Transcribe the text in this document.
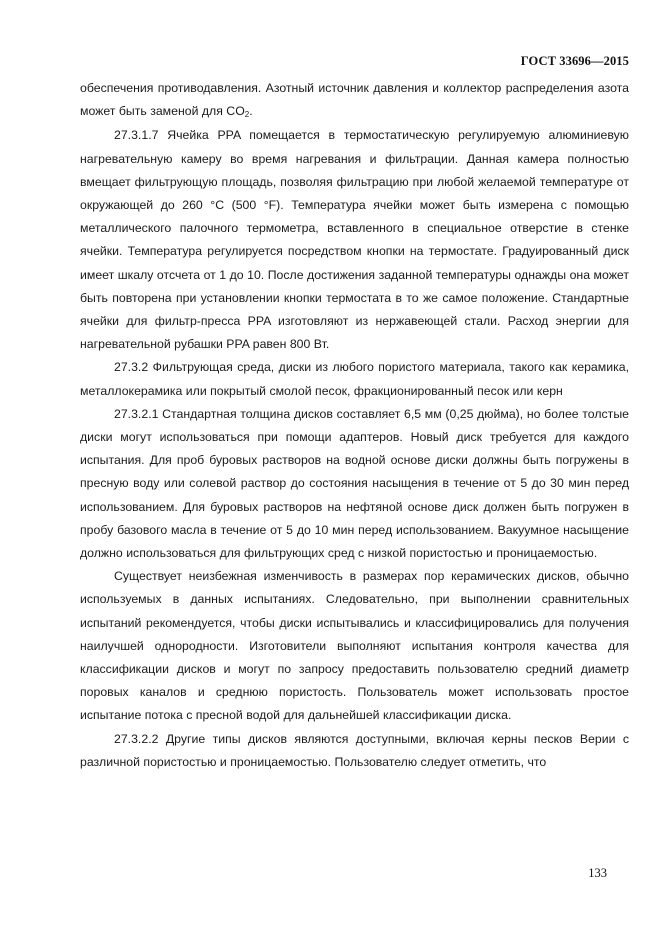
ГОСТ 33696—2015

обеспечения противодавления. Азотный источник давления и коллектор распределения азота может быть заменой для $CO_2$.

27.3.1.7 Ячейка PPA помещается в термостатическую регулируемую алюминиевую нагревательную камеру во время нагревания и фильтрации. Данная камера полностью вмещает фильтрующую площадь, позволяя фильтрацию при любой желаемой температуре от окружающей до 260 °С (500 °F). Температура ячейки может быть измерена с помощью металлического палочного термометра, вставленного в специальное отверстие в стенке ячейки. Температура регулируется посредством кнопки на термостате. Градуированный диск имеет шкалу отсчета от 1 до 10. После достижения заданной температуры однажды она может быть повторена при установлении кнопки термостата в то же самое положение. Стандартные ячейки для фильтр-пресса PPA изготовляют из нержавеющей стали. Расход энергии для нагревательной рубашки PPA равен 800 Вт.

27.3.2 Фильтрующая среда, диски из любого пористого материала, такого как керамика, металлокерамика или покрытый смолой песок, фракционированный песок или керн

27.3.2.1 Стандартная толщина дисков составляет 6,5 мм (0,25 дюйма), но более толстые диски могут использоваться при помощи адаптеров. Новый диск требуется для каждого испытания. Для проб буровых растворов на водной основе диски должны быть погружены в пресную воду или солевой раствор до состояния насыщения в течение от 5 до 30 мин перед использованием. Для буровых растворов на нефтяной основе диск должен быть погружен в пробу базового масла в течение от 5 до 10 мин перед использованием. Вакуумное насыщение должно использоваться для фильтрующих сред с низкой пористостью и проницаемостью.

Существует неизбежная изменчивость в размерах пор керамических дисков, обычно используемых в данных испытаниях. Следовательно, при выполнении сравнительных испытаний рекомендуется, чтобы диски испытывались и классифицировались для получения наилучшей однородности. Изготовители выполняют испытания контроля качества для классификации дисков и могут по запросу предоставить пользователю средний диаметр поровых каналов и среднюю пористость. Пользователь может использовать простое испытание потока с пресной водой для дальнейшей классификации диска.

27.3.2.2 Другие типы дисков являются доступными, включая керны песков Верии с различной пористостью и проницаемостью. Пользователю следует отметить, что

133
